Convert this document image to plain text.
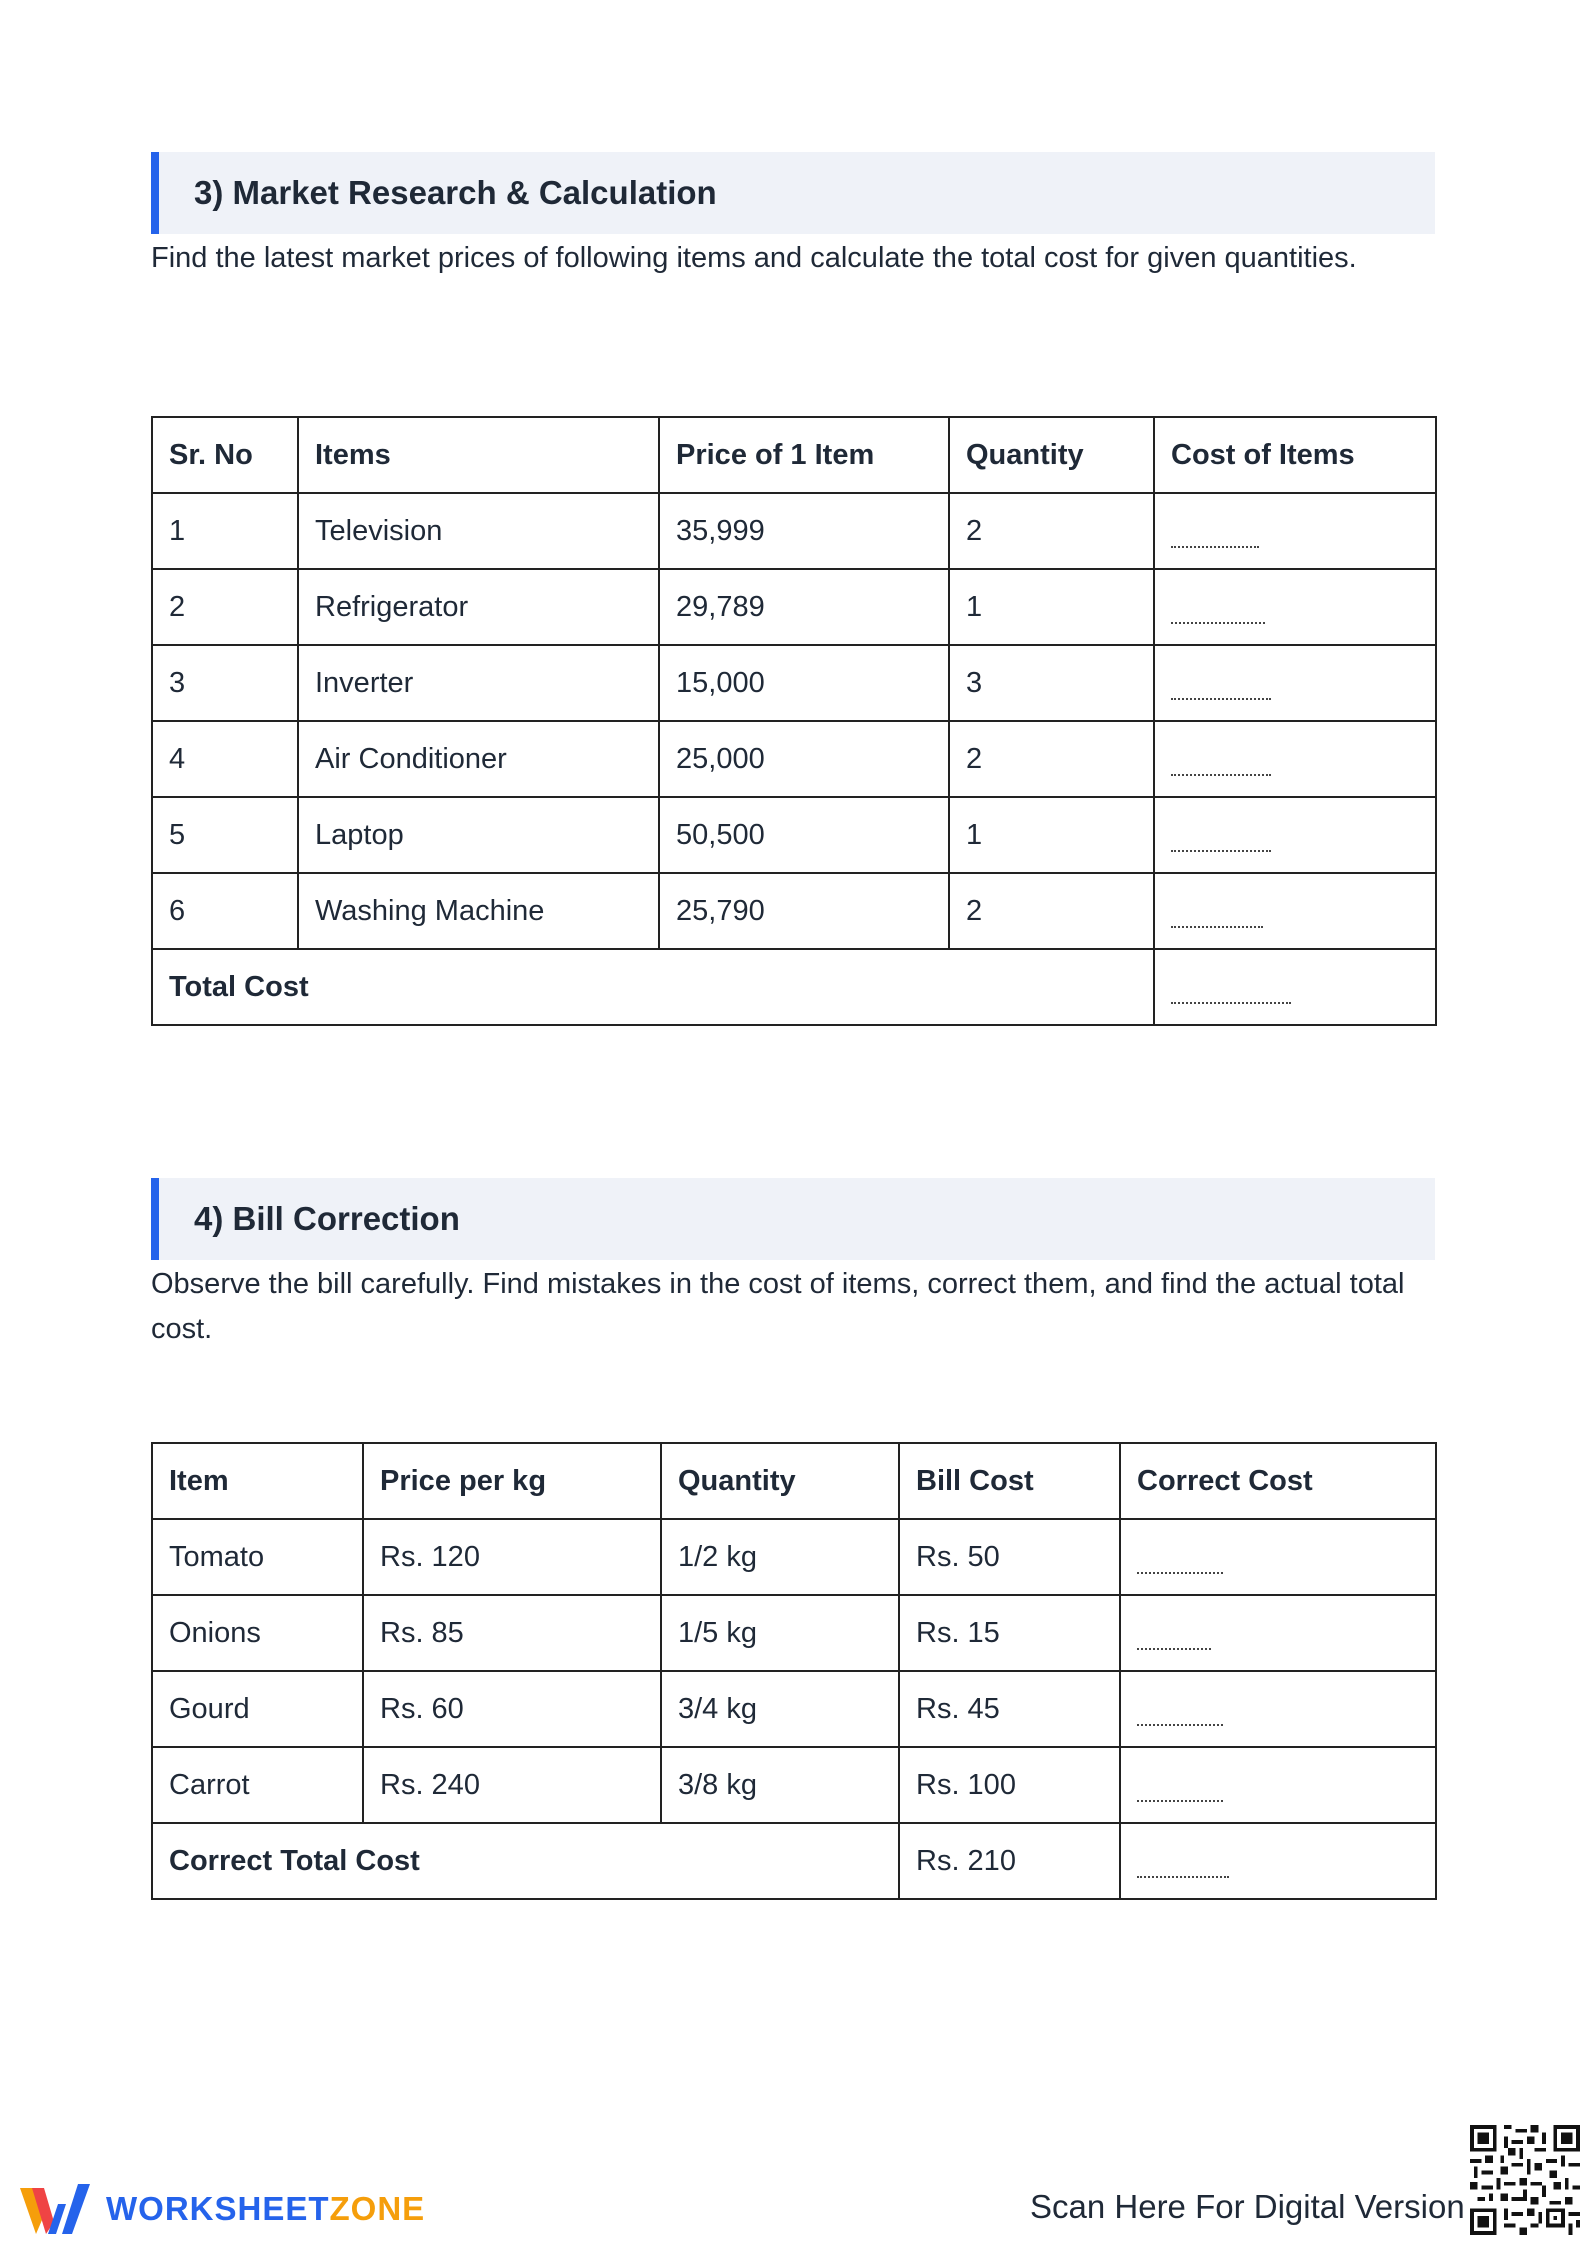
3) Market Research & Calculation
Find the latest market prices of following items and calculate the total cost for given quantities.
Sr. No	Items	Price of 1 Item	Quantity	Cost of Items
1	Television	35,999	2	
2	Refrigerator	29,789	1	
3	Inverter	15,000	3	
4	Air Conditioner	25,000	2	
5	Laptop	50,500	1	
6	Washing Machine	25,790	2	
Total Cost				
4) Bill Correction
Observe the bill carefully. Find mistakes in the cost of items, correct them, and find the actual total cost.
Item	Price per kg	Quantity	Bill Cost	Correct Cost
Tomato	Rs. 120	1/2 kg	Rs. 50	
Onions	Rs. 85	1/5 kg	Rs. 15	
Gourd	Rs. 60	3/4 kg	Rs. 45	
Carrot	Rs. 240	3/8 kg	Rs. 100	
Correct Total Cost			Rs. 210	
WORKSHEETZONE	Scan Here For Digital Version
